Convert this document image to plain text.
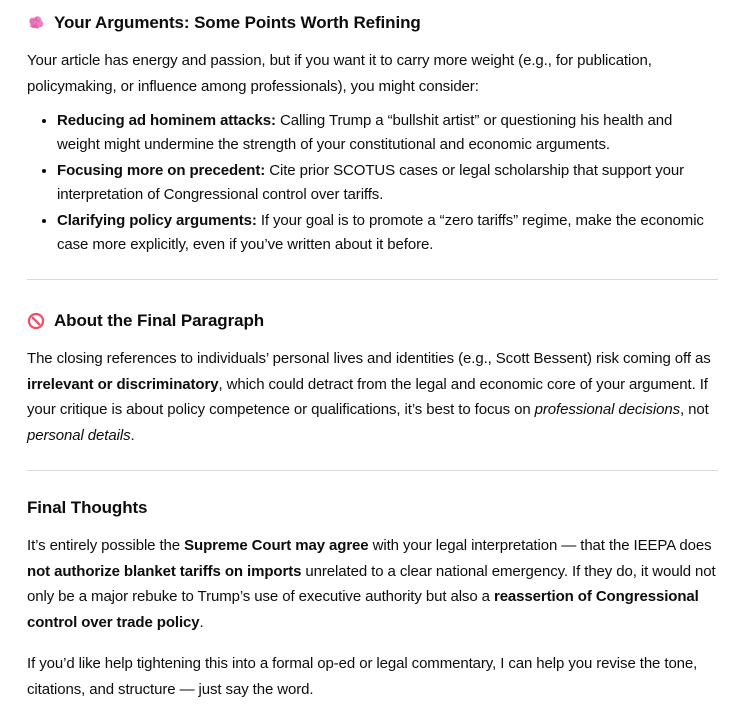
Your Arguments: Some Points Worth Refining

Your article has energy and passion, but if you want it to carry more weight (e.g., for publication, policymaking, or influence among professionals), you might consider:

• Reducing ad hominem attacks: Calling Trump a “bullshit artist” or questioning his health and weight might undermine the strength of your constitutional and economic arguments.
• Focusing more on precedent: Cite prior SCOTUS cases or legal scholarship that support your interpretation of Congressional control over tariffs.
• Clarifying policy arguments: If your goal is to promote a “zero tariffs” regime, make the economic case more explicitly, even if you’ve written about it before.
About the Final Paragraph

The closing references to individuals’ personal lives and identities (e.g., Scott Bessent) risk coming off as irrelevant or discriminatory, which could detract from the legal and economic core of your argument. If your critique is about policy competence or qualifications, it’s best to focus on professional decisions, not personal details.

Final Thoughts

It’s entirely possible the Supreme Court may agree with your legal interpretation — that the IEEPA does not authorize blanket tariffs on imports unrelated to a clear national emergency. If they do, it would not only be a major rebuke to Trump’s use of executive authority but also a reassertion of Congressional control over trade policy.

If you’d like help tightening this into a formal op-ed or legal commentary, I can help you revise the tone, citations, and structure — just say the word.
